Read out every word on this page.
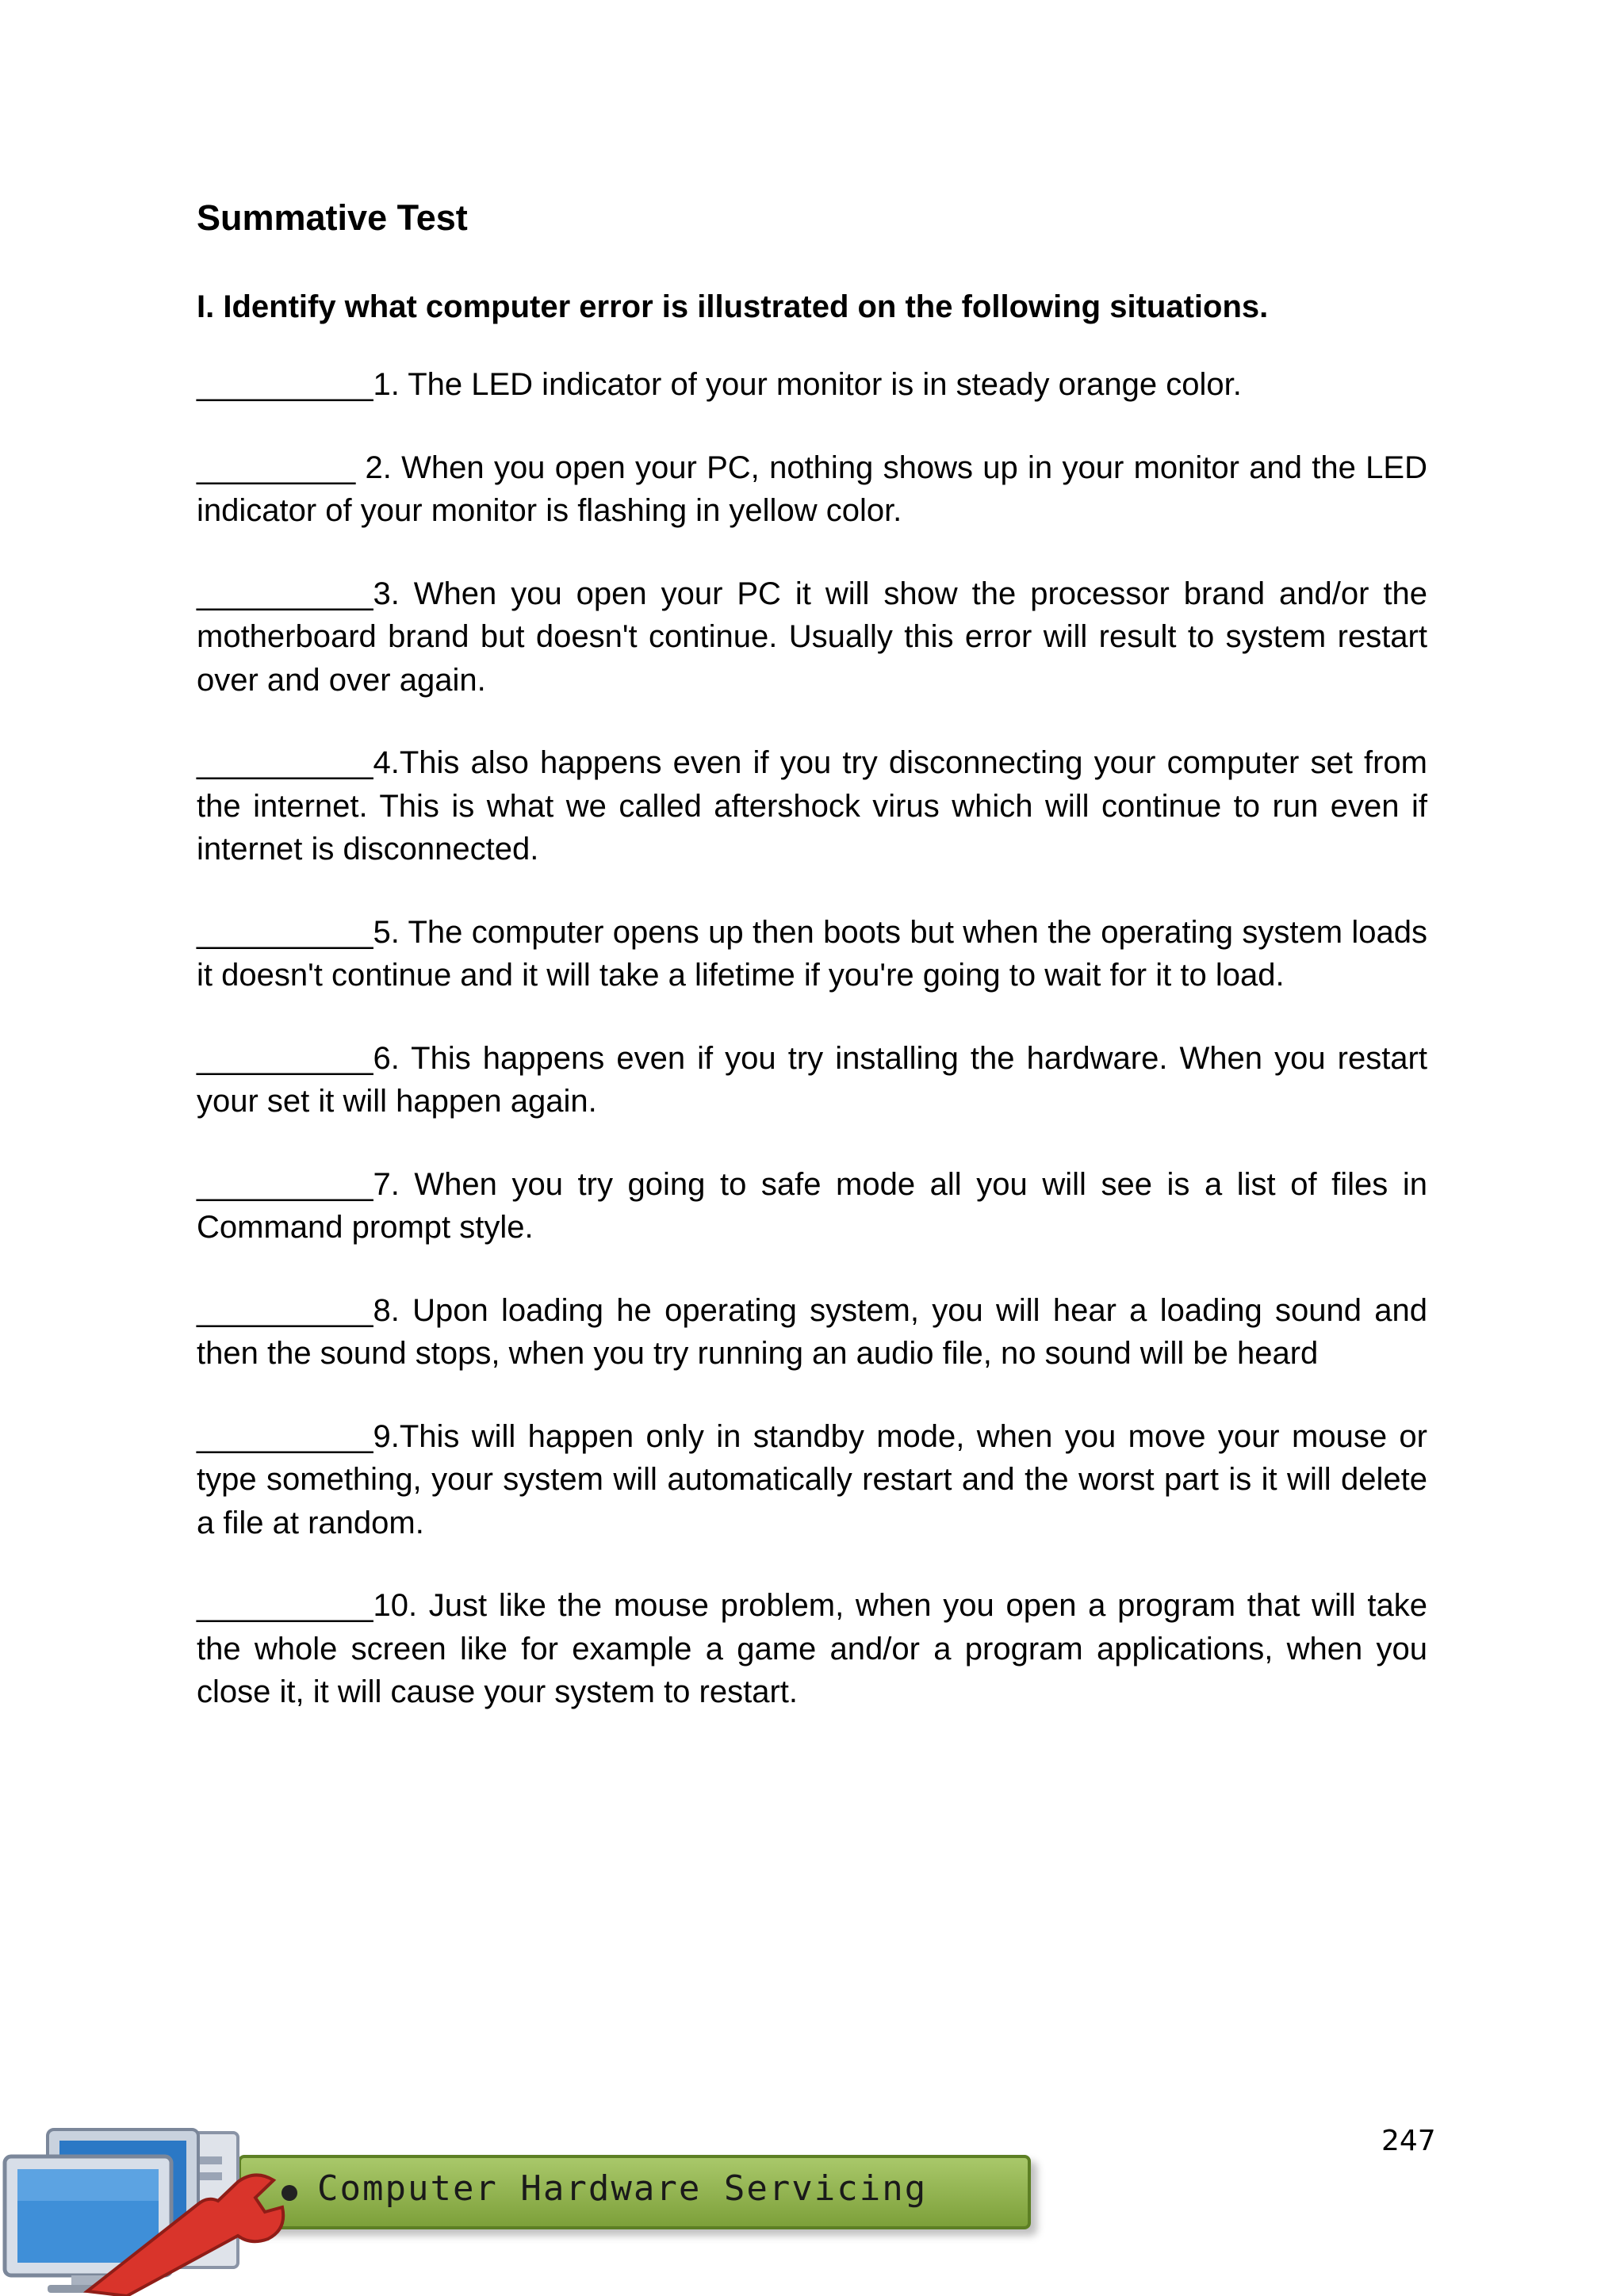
Summative Test
I. Identify what computer error is illustrated on the following situations.

__________1. The LED indicator of your monitor is in steady orange color.

_________ 2. When you open your PC, nothing shows up in your monitor and the LED indicator of your monitor is flashing in yellow color.

__________3. When you open your PC it will show the processor brand and/or the motherboard brand but doesn't continue. Usually this error will result to system restart over and over again.

__________4.This also happens even if you try disconnecting your computer set from the internet. This is what we called aftershock virus which will continue to run even if internet is disconnected.

__________5. The computer opens up then boots but when the operating system loads it doesn't continue and it will take a lifetime if you're going to wait for it to load.

__________6. This happens even if you try installing the hardware. When you restart your set it will happen again.

__________7. When you try going to safe mode all you will see is a list of files in Command prompt style.

__________8. Upon loading he operating system, you will hear a loading sound and then the sound stops, when you try running an audio file, no sound will be heard

__________9.This will happen only in standby mode, when you move your mouse or type something, your system will automatically restart and the worst part is it will delete a file at random.

__________10. Just like the mouse problem, when you open a program that will take the whole screen like for example a game and/or a program applications, when you close it, it will cause your system to restart.

247
Computer Hardware Servicing
